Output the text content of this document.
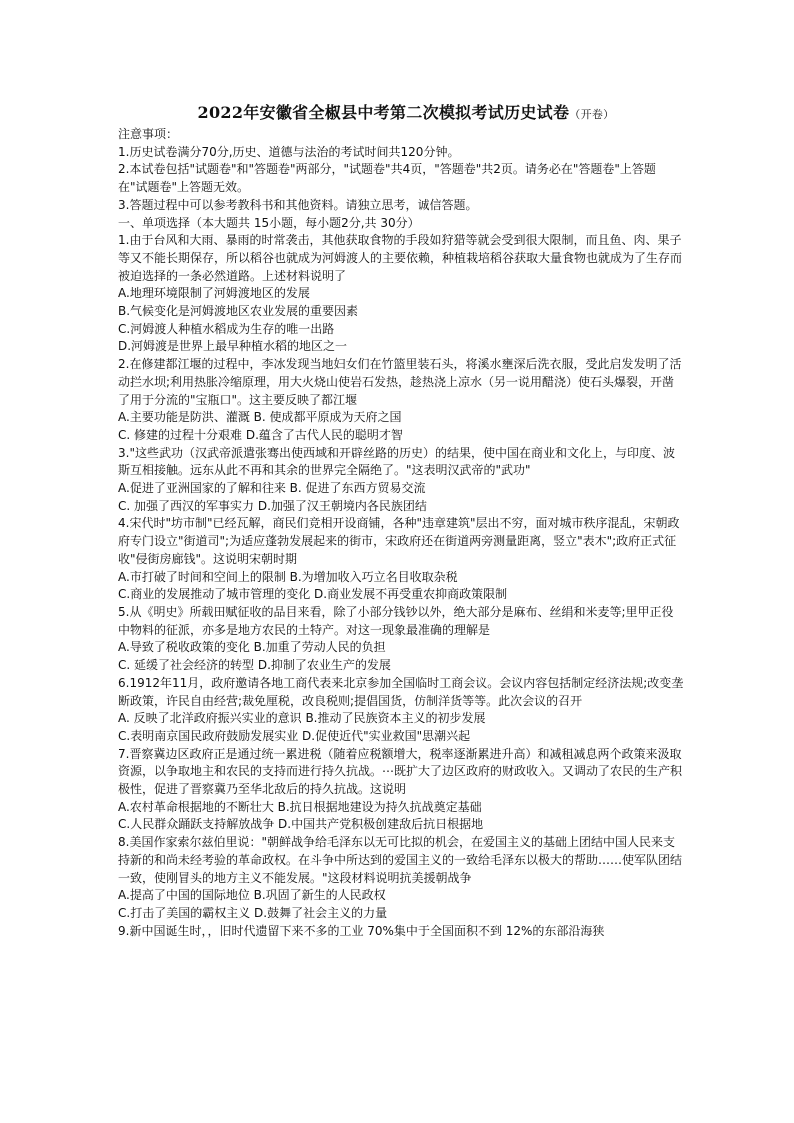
2022年安徽省全椒县中考第二次模拟考试历史试卷（开卷）

注意事项：

1.历史试卷满分70分,历史、道德与法治的考试时间共120分钟。

2.本试卷包括"试题卷"和"答题卷"两部分，"试题卷"共4页，"答题卷"共2页。请务必在"答题卷"上答题在"试题卷"上答题无效。

3.答题过程中可以参考教科书和其他资料。请独立思考，诚信答题。

一、单项选择（本大题共 15小题，每小题2分,共 30分）

1.由于台风和大雨、暴雨的时常袭击，其他获取食物的手段如狩猎等就会受到很大限制，而且鱼、肉、果子等又不能长期保存，所以稻谷也就成为河姆渡人的主要依赖，种植栽培稻谷获取大量食物也就成为了生存而被迫选择的一条必然道路。上述材料说明了

A.地理环境限制了河姆渡地区的发展

B.气候变化是河姆渡地区农业发展的重要因素

C.河姆渡人种植水稻成为生存的唯一出路

D.河姆渡是世界上最早种植水稻的地区之一

2.在修建都江堰的过程中，李冰发现当地妇女们在竹篮里装石头，将溪水壅深后洗衣服，受此启发发明了活动拦水坝;利用热胀冷缩原理，用大火烧山使岩石发热，趁热浇上凉水（另一说用醋浇）使石头爆裂，开凿了用于分流的"宝瓶口"。这主要反映了都江堰

A.主要功能是防洪、灌溉 B. 使成都平原成为天府之国

C. 修建的过程十分艰难 D.蕴含了古代人民的聪明才智

3."这些武功（汉武帝派遣张骞出使西域和开辟丝路的历史）的结果，使中国在商业和文化上，与印度、波斯互相接触。远东从此不再和其余的世界完全隔绝了。"这表明汉武帝的"武功"

A.促进了亚洲国家的了解和往来 B. 促进了东西方贸易交流

C. 加强了西汉的军事实力 D.加强了汉王朝境内各民族团结

4.宋代时"坊市制"已经瓦解，商民们竞相开设商铺，各种"违章建筑"层出不穷，面对城市秩序混乱，宋朝政府专门设立"街道司";为适应蓬勃发展起来的街市，宋政府还在街道两旁测量距离，竖立"表木";政府正式征收"侵街房廊钱"。这说明宋朝时期

A.市打破了时间和空间上的限制 B.为增加收入巧立名目收取杂税

C.商业的发展推动了城市管理的变化 D.商业发展不再受重农抑商政策限制

5.从《明史》所载田赋征收的品目来看，除了小部分钱钞以外，绝大部分是麻布、丝绢和米麦等;里甲正役中物料的征派，亦多是地方农民的土特产。对这一现象最准确的理解是

A.导致了税收政策的变化 B.加重了劳动人民的负担

C. 延缓了社会经济的转型 D.抑制了农业生产的发展

6.1912年11月，政府邀请各地工商代表来北京参加全国临时工商会议。会议内容包括制定经济法规;改变垄断政策，许民自由经营;裁免厘税，改良税则;提倡国货，仿制洋货等等。此次会议的召开

A. 反映了北洋政府振兴实业的意识 B.推动了民族资本主义的初步发展

C.表明南京国民政府鼓励发展实业 D.促使近代"实业救国"思潮兴起

7.晋察冀边区政府正是通过统一累进税（随着应税额增大，税率逐渐累进升高）和减租减息两个政策来汲取资源，以争取地主和农民的支持而进行持久抗战。⋯既扩大了边区政府的财政收入。又调动了农民的生产积极性，促进了晋察冀乃至华北敌后的持久抗战。这说明

A.农村革命根据地的不断壮大 B.抗日根据地建设为持久抗战奠定基础

C.人民群众踊跃支持解放战争 D.中国共产党积极创建敌后抗日根据地

8.美国作家索尔兹伯里说："朝鲜战争给毛泽东以无可比拟的机会，在爱国主义的基础上团结中国人民来支持新的和尚未经考验的革命政权。在斗争中所达到的爱国主义的一致给毛泽东以极大的帮助……使军队团结一致，使刚冒头的地方主义不能发展。"这段材料说明抗美援朝战争

A.提高了中国的国际地位 B.巩固了新生的人民政权

C.打击了美国的霸权主义 D.鼓舞了社会主义的力量

9.新中国诞生时，，旧时代遗留下来不多的工业 70%集中于全国面积不到 12%的东部沿海狭
